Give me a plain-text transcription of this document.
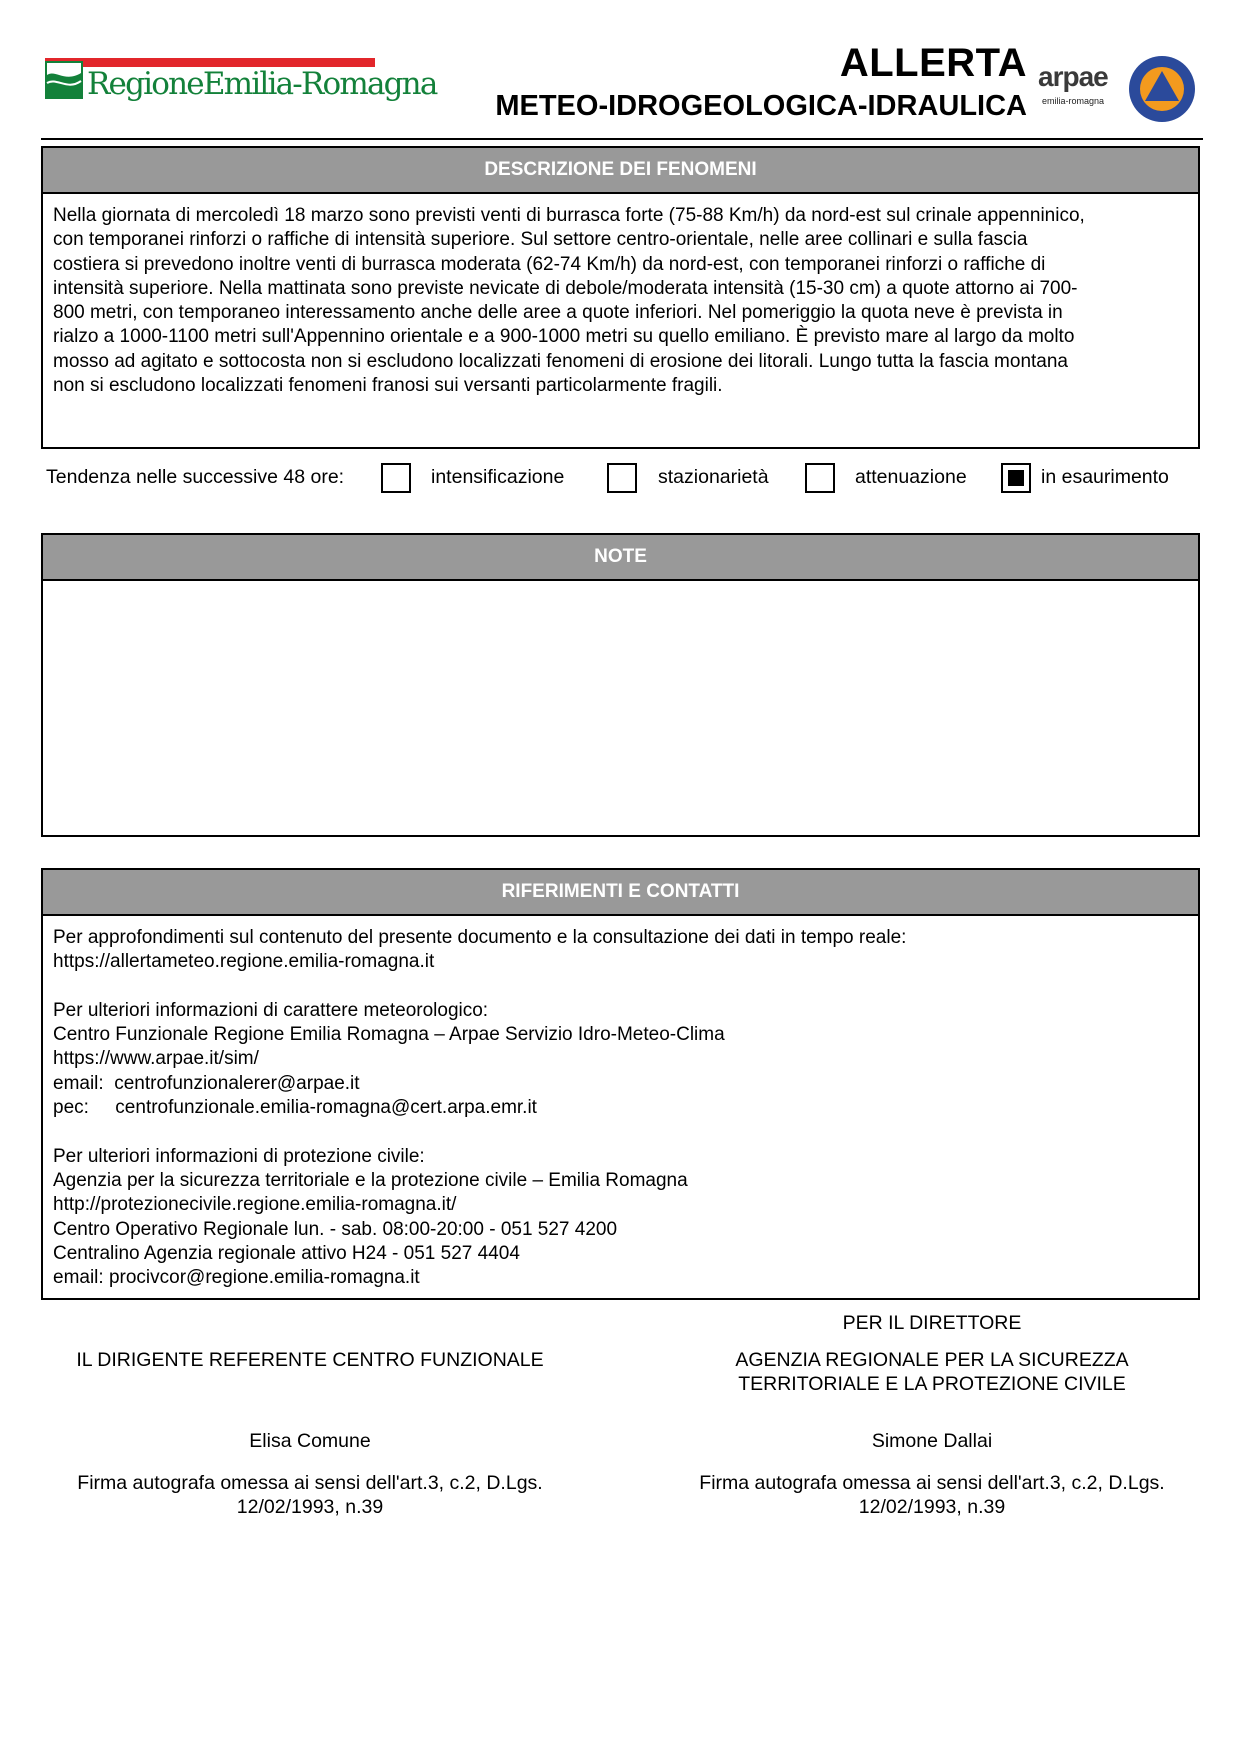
RegioneEmilia-Romagna	ALLERTA
METEO-IDROGEOLOGICA-IDRAULICA
arpae
emilia-romagna
DESCRIZIONE DEI FENOMENI
Nella giornata di mercoledì 18 marzo sono previsti venti di burrasca forte (75-88 Km/h) da nord-est sul crinale appenninico,
con temporanei rinforzi o raffiche di intensità superiore. Sul settore centro-orientale, nelle aree collinari e sulla fascia
costiera si prevedono inoltre venti di burrasca moderata (62-74 Km/h) da nord-est, con temporanei rinforzi o raffiche di
intensità superiore. Nella mattinata sono previste nevicate di debole/moderata intensità (15-30 cm) a quote attorno ai 700-
800 metri, con temporaneo interessamento anche delle aree a quote inferiori. Nel pomeriggio la quota neve è prevista in
rialzo a 1000-1100 metri sull'Appennino orientale e a 900-1000 metri su quello emiliano. È previsto mare al largo da molto
mosso ad agitato e sottocosta non si escludono localizzati fenomeni di erosione dei litorali. Lungo tutta la fascia montana
non si escludono localizzati fenomeni franosi sui versanti particolarmente fragili.
Tendenza nelle successive 48 ore:	intensificazione	stazionarietà	attenuazione	in esaurimento
NOTE
RIFERIMENTI E CONTATTI
Per approfondimenti sul contenuto del presente documento e la consultazione dei dati in tempo reale:
https://allertameteo.regione.emilia-romagna.it
Per ulteriori informazioni di carattere meteorologico:
Centro Funzionale Regione Emilia Romagna – Arpae Servizio Idro-Meteo-Clima
https://www.arpae.it/sim/
email:  centrofunzionalerer@arpae.it
pec:     centrofunzionale.emilia-romagna@cert.arpa.emr.it
Per ulteriori informazioni di protezione civile:
Agenzia per la sicurezza territoriale e la protezione civile – Emilia Romagna
http://protezionecivile.regione.emilia-romagna.it/
Centro Operativo Regionale lun. - sab. 08:00-20:00 - 051 527 4200
Centralino Agenzia regionale attivo H24 - 051 527 4404
email: procivcor@regione.emilia-romagna.it
IL DIRIGENTE REFERENTE CENTRO FUNZIONALE
Elisa Comune
Firma autografa omessa ai sensi dell'art.3, c.2, D.Lgs.
12/02/1993, n.39
PER IL DIRETTORE
AGENZIA REGIONALE PER LA SICUREZZA
TERRITORIALE E LA PROTEZIONE CIVILE
Simone Dallai
Firma autografa omessa ai sensi dell'art.3, c.2, D.Lgs.
12/02/1993, n.39
